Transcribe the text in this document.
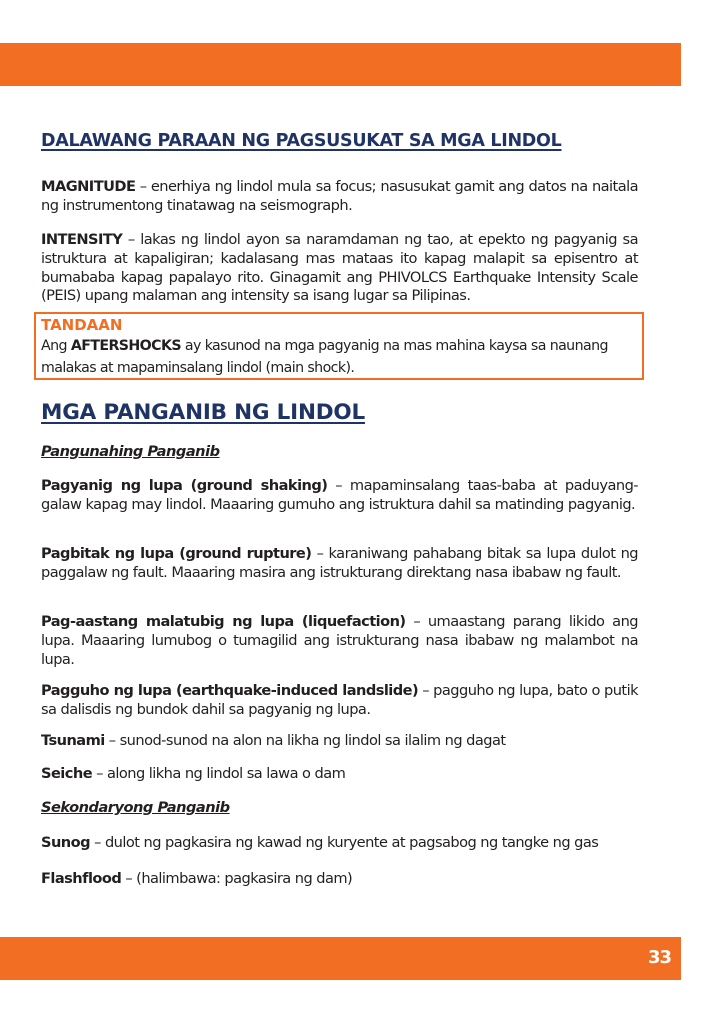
DALAWANG PARAAN NG PAGSUSUKAT SA MGA LINDOL

MAGNITUDE – enerhiya ng lindol mula sa focus; nasusukat gamit ang datos na naitala ng instrumentong tinatawag na seismograph.

INTENSITY – lakas ng lindol ayon sa naramdaman ng tao, at epekto ng pagyanig sa istruktura at kapaligiran; kadalasang mas mataas ito kapag malapit sa episentro at bumababa kapag papalayo rito. Ginagamit ang PHIVOLCS Earthquake Intensity Scale (PEIS) upang malaman ang intensity sa isang lugar sa Pilipinas.

MGA PANGANIB NG LINDOL
Pangunahing Panganib

Pagyanig ng lupa (ground shaking) – mapaminsalang taas-baba at paduyang-galaw kapag may lindol. Maaaring gumuho ang istruktura dahil sa matinding pagyanig.

Pagbitak ng lupa (ground rupture) – karaniwang pahabang bitak sa lupa dulot ng paggalaw ng fault. Maaaring masira ang istrukturang direktang nasa ibabaw ng fault.

Pag-aastang malatubig ng lupa (liquefaction) – umaastang parang likido ang lupa. Maaaring lumubog o tumagilid ang istrukturang nasa ibabaw ng malambot na lupa.

Pagguho ng lupa (earthquake-induced landslide) – pagguho ng lupa, bato o putik sa dalisdis ng bundok dahil sa pagyanig ng lupa.

Tsunami – sunod-sunod na alon na likha ng lindol sa ilalim ng dagat

Seiche – along likha ng lindol sa lawa o dam

Sekondaryong Panganib

Sunog – dulot ng pagkasira ng kawad ng kuryente at pagsabog ng tangke ng gas

Flashflood – (halimbawa: pagkasira ng dam)

TANDAAN

Ang AFTERSHOCKS ay kasunod na mga pagyanig na mas mahina kaysa sa naunang malakas at mapaminsalang lindol (main shock).

33
